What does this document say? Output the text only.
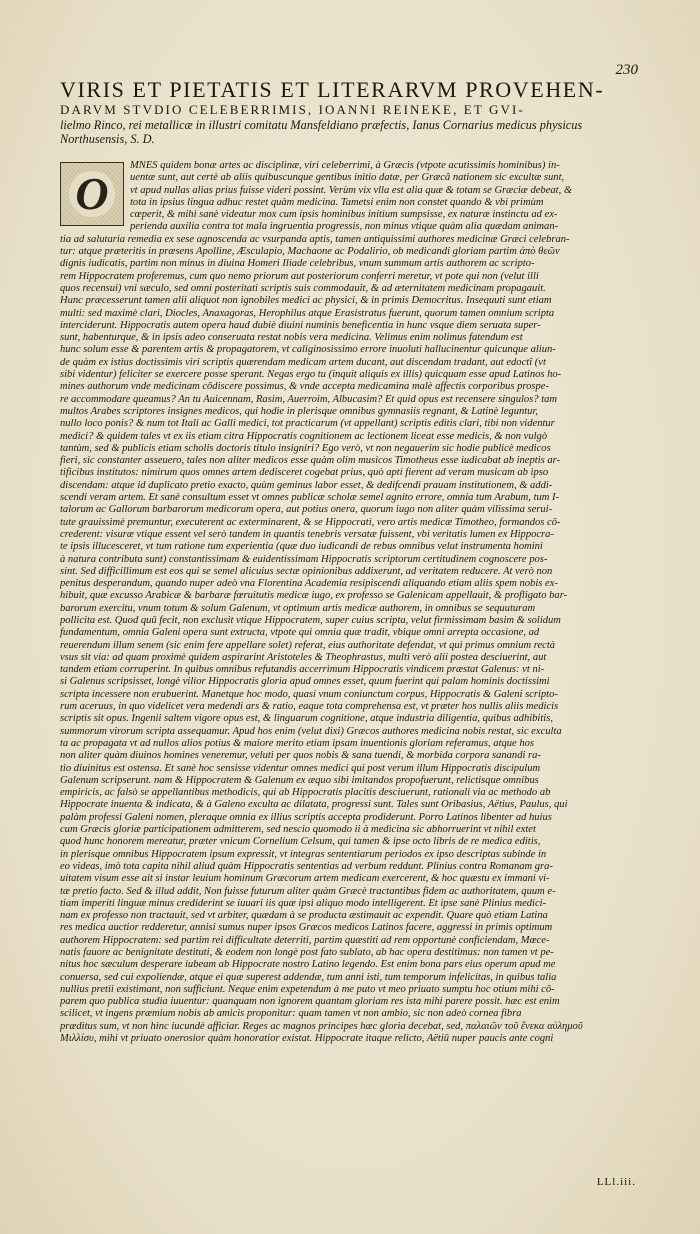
230
VIRIS ET PIETATIS ET LITERARVM PROVEHEN-
DARVM STVDIO CELEBERRIMIS, IOANNI REINEKE, ET GVI-
lielmo Rinco, rei metallicæ in illustri comitatu Mansfeldiano præfectis, Ianus Cornarius medicus physicus Northusensis, S. D.
O
MNES quidem bonæ artes ac disciplinæ, viri celeberrimi, à Græcis (vtpote acutissimis hominibus) in-
uentæ sunt, aut certè ab aliis quibuscunque gentibus initio datæ, per Græcâ nationem sic excultæ sunt,
vt apud nullas alias prius fuisse videri possint. Verùm vix vlla est alia quæ & totam se Græciæ debeat, &
tota in ipsius lingua adhuc restet quàm medicina. Tametsi enim non constet quando & vbi primùm
cœperit, & mihi sanè videatur mox cum ipsis hominibus initium sumpsisse, ex naturæ instinctu ad ex-
perienda auxilia contra tot mala ingruentia progressis, non minus vtique quàm alia quædam animan-
tia ad salutaria remedia ex sese agnoscenda ac vsurpanda aptis, tamen antiquissimi authores medicinæ Græci celebran-
tur: atque præteritis in præsens Apolline, Æsculapio, Machaone ac Podalirio, ob medicandi gloriam partim ἀπὸ θεῶν
dignis iudicatis, partim non minus in diuina Homeri Iliade celebribus, vnum summum artis authorem ac scripto-
rem Hippocratem proferemus, cum quo nemo priorum aut posteriorum conferri meretur, vt pote qui non (velut illi
quos recensui) vni sæculo, sed omni posteritati scriptis suis commodauit, & ad æternitatem medicinam propagauit.
Hunc præcesserunt tamen alii aliquot non ignobiles medici ac physici, & in primis Democritus. Insequuti sunt etiam
multi: sed maximè clari, Diocles, Anaxagoras, Herophilus atque Erasistratus fuerunt, quorum tamen omnium scripta
interciderunt. Hippocratis autem opera haud dubiè diuini numinis beneficentia in hunc vsque diem seruata super-
sunt, habenturque, & in ipsis adeo conseruata restat nobis vera medicina. Velimus enim nolimus fatendum est
hunc solum esse & parentem artis & propagatorem, vt caliginosissimo errore inuoluti hallucinentur quicunque aliun-
de quàm ex istius doctissimis viri scriptis quærendam medicam artem ducant, aut discendam tradant, aut edoctî (vt
sibi videntur) feliciter se exercere posse sperant. Negas ergo tu (inquit aliquis ex illis) quicquam esse apud Latinos ho-
mines authorum vnde medicinam cōdiscere possimus, & vnde accepta medicamina malè affectis corporibus prospe-
re accommodare queamus? An tu Auicennam, Rasim, Auerroim, Albucasim? Et quid opus est recensere singulos? tam
multos Arabes scriptores insignes medicos, qui hodie in plerisque omnibus gymnasiis regnant, & Latinè leguntur,
nullo loco ponis? & num tot Itali ac Galli medici, tot practicarum (vt appellant) scriptis editis clari, tibi non videntur
medici? & quidem tales vt ex iis etiam citra Hippocratis cognitionem ac lectionem liceat esse medicis, & non vulgò
tantùm, sed & publicis etiam scholis doctoris titulo insigniri? Ego verò, vt non negauerim sic hodie publicè medicos
fieri, sic constanter asseuero, tales non aliter medicos esse quàm olim musicos Timotheus esse iudicabat ab ineptis ar-
tificibus institutos: nimirum quos omnes artem dedisceret cogebat prius, quò apti fierent ad veram musicam ab ipso
discendam: atque id duplicato pretio exacto, quùm geminus labor esset, & dedifcendi prauam institutionem, & addi-
scendi veram artem. Et sanè consultum esset vt omnes publicæ scholæ semel agnito errore, omnia tum Arabum, tum I-
talorum ac Gallorum barbarorum medicorum opera, aut potius onera, quorum iugo non aliter quàm vilissima serui-
tute grauissimè premuntur, executerent ac exterminarent, & se Hippocrati, vero artis medicæ Timotheo, formandos cō-
crederent: visuræ vtique essent vel serò tandem in quantis tenebris versatæ fuissent, vbi veritatis lumen ex Hippocra-
te ipsis illucesceret, vt tum ratione tum experientia (quæ duo iudicandi de rebus omnibus velut instrumenta homini
à natura contributa sunt) constantissimam & euidentissimam Hippocratis scriptorum certitudinem cognoscere pos-
sint. Sed difficillimum est eos qui se semel alicuius sectæ opinionibus addixerunt, ad veritatem reducere. At verò non
penitus desperandum, quando nuper adeò vna Florentina Academia resipiscendi aliquando etiam aliis spem nobis ex-
hibuit, quæ excusso Arabicæ & barbaræ fœruitutis medicæ iugo, ex professo se Galenicam appellauit, & profligato bar-
barorum exercitu, vnum totum & solum Galenum, vt optimum artis medicæ authorem, in omnibus se sequuturam
pollicita est. Quod quū fecit, non exclusit vtique Hippocratem, super cuius scripta, velut firmissimam basim & solidum
fundamentum, omnia Galeni opera sunt extructa, vtpote qui omnia quæ tradit, vbique omni arrepta occasione, ad
reuerendum illum senem (sic enim fere appellare solet) referat, eius authoritate defendat, vt qui primus omnium rectà
vsus sit via: ad quam proximè quidem aspirarint Aristoteles & Theophrastus, multi verò alii postea desciuerint, aut
tandem etiam corruperint. In quibus omnibus refutandis accerrimum Hippocratis vindicem præstat Galenus: vt ni-
si Galenus scripsisset, longè vilior Hippocratis gloria apud omnes esset, quum fuerint qui palam hominis doctissimi
scripta incessere non erubuerint. Manetque hoc modo, quasi vnum coniunctum corpus, Hippocratis & Galeni scripto-
rum aceruus, in quo videlicet vera medendi ars & ratio, eaque tota comprehensa est, vt præter hos nullis aliis medicis
scriptis sit opus. Ingenii saltem vigore opus est, & linguarum cognitione, atque industria diligentia, quibus adhibitis,
summorum virorum scripta assequamur. Apud hos enim (velut dixi) Græcos authores medicina nobis restat, sic exculta
ta ac propagata vt ad nullos alios potius & maiore merito etiam ipsam inuentionis gloriam referamus, atque hos
non aliter quàm diuinos homines veneremur, veluti per quos nobis & sana tuendi, & morbida corpora sanandi ra-
tio diuinitus est ostensa. Et sanè hoc sensisse videntur omnes medici qui post verum illum Hippocratis discipulum
Galenum scripserunt. nam & Hippocratem & Galenum ex æquo sibi imitandos propofuerunt, relictisque omnibus
empiricis, ac falsò se appellantibus methodicis, qui ab Hippocratis placitis desciuerunt, rationali via ac methodo ab
Hippocrate inuenta & indicata, & à Galeno exculta ac dilatata, progressi sunt. Tales sunt Oribasius, Aëtius, Paulus, qui
palàm professi Galeni nomen, pleraque omnia ex illius scriptis accepta prodiderunt. Porro Latinos libenter ad huius
cum Græcis gloriæ participationem admitterem, sed nescio quomodo ii à medicina sic abhorruerint vt nihil extet
quod hunc honorem mereatur, præter vnicum Cornelium Celsum, qui tamen & ipse octo libris de re medica editis,
in plerisque omnibus Hippocratem ipsum expressit, vt integras sententiarum periodos ex ipso descriptas subinde in
eo videas, imò tota capita nihil aliud quàm Hippocratis sententias ad verbum reddunt. Plinius contra Romanam gra-
uitatem visum esse ait si instar leuium hominum Græcorum artem medicam exercerent, & hoc quæstu ex immani vi-
tæ pretio facto. Sed & illud addit, Non fuisse futurum aliter quàm Græcè tractantibus fidem ac authoritatem, quum e-
tiam imperiti linguæ minus crediderint se iuuari iis quæ ipsi aliquo modo intelligerent. Et ipse sanè Plinius medici-
nam ex professo non tractauit, sed vt arbiter, quædam à se producta æstimauit ac expendit. Quare quò etiam Latina
res medica auctior redderetur, annisi sumus nuper ipsos Græcos medicos Latinos facere, aggressi in primis optimum
authorem Hippocratem: sed partim rei difficultate deterriti, partim quæstiti ad rem opportunè conficiendam, Mœce-
natis fauore ac benignitate destituti, & eodem non longè post fato sublato, ab hac opera destitimus: non tamen vt pe-
nitus hoc sæculum desperare iubeam ab Hippocrate nostro Latino legendo. Est enim bona pars eius operum apud me
conuersa, sed cui expoliendæ, atque ei quæ superest addendæ, tum anni isti, tum temporum infelicitas, in quibus talia
nullius pretii existimant, non sufficiunt. Neque enim expetendum à me puto vt meo priuato sumptu hoc otium mihi cō-
parem quo publica studia iuuentur: quanquam non ignorem quantam gloriam res ista mihi parere possit. hæc est enim
scilicet, vt ingens præmium nobis ab amicis proponitur: quam tamen vt non ambio, sic non adeò cornea fibra
præditus sum, vt non hinc iucundè afficiar. Reges ac magnos principes hæc gloria decebat, sed, παλαιῶν τοῦ ἕνεκα αὐλημοῦ
Μιλλίσυ, mihi vt priuato onerosior quàm honoratior existat. Hippocrate itaque relicto, Aëtiū nuper paucis ante cogni
LLl.iii.
